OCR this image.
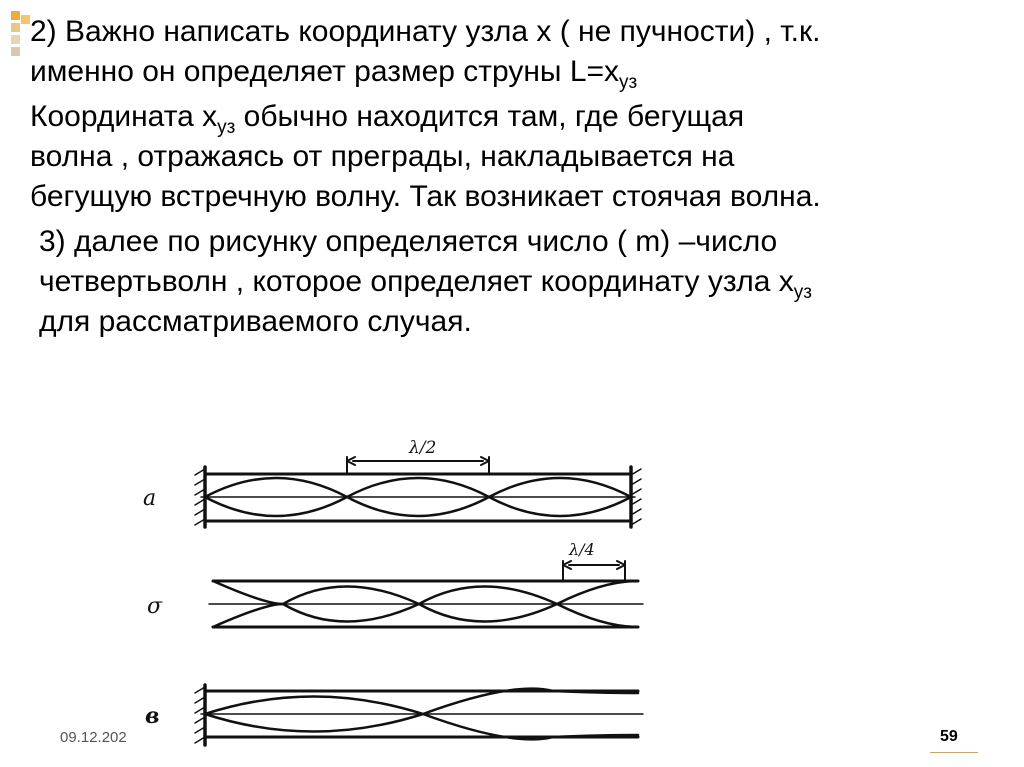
2) Важно написать координату узла х ( не пучности) , т.к.
именно он определяет размер струны $L=х_{уз}$
Координата $х_{уз}$ обычно находится там, где бегущая
волна , отражаясь от преграды, накладывается на
бегущую встречную волну. Так возникает стоячая волна.
3) далее по рисунку определяется число ( m) –число
четвертьволн , которое определяет координату узла $х_{уз}$
для рассматриваемого случая.
λ/2
а
λ/4
σ
в
09.12.202	59
